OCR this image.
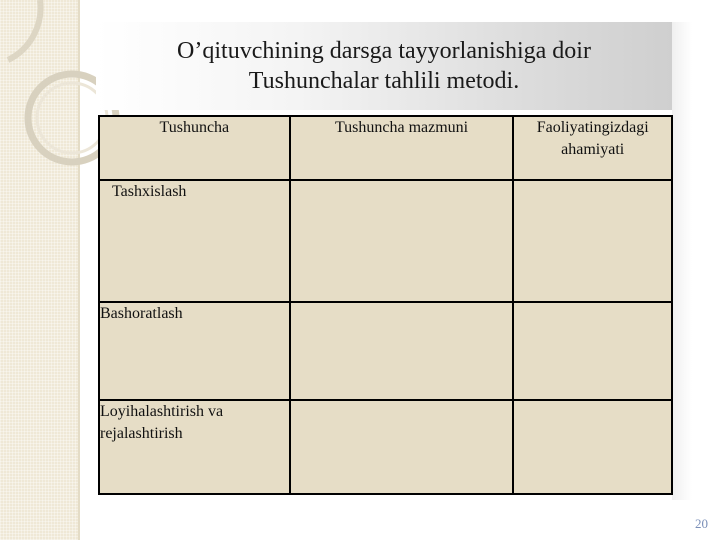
O’qituvchining darsga tayyorlanishiga doir
Tushunchalar tahlili metodi.
Tushuncha	Tushuncha mazmuni	Faoliyatingizdagi ahamiyati
Tashxislash		
Bashoratlash		
Loyihalashtirish va rejalashtirish		
20
